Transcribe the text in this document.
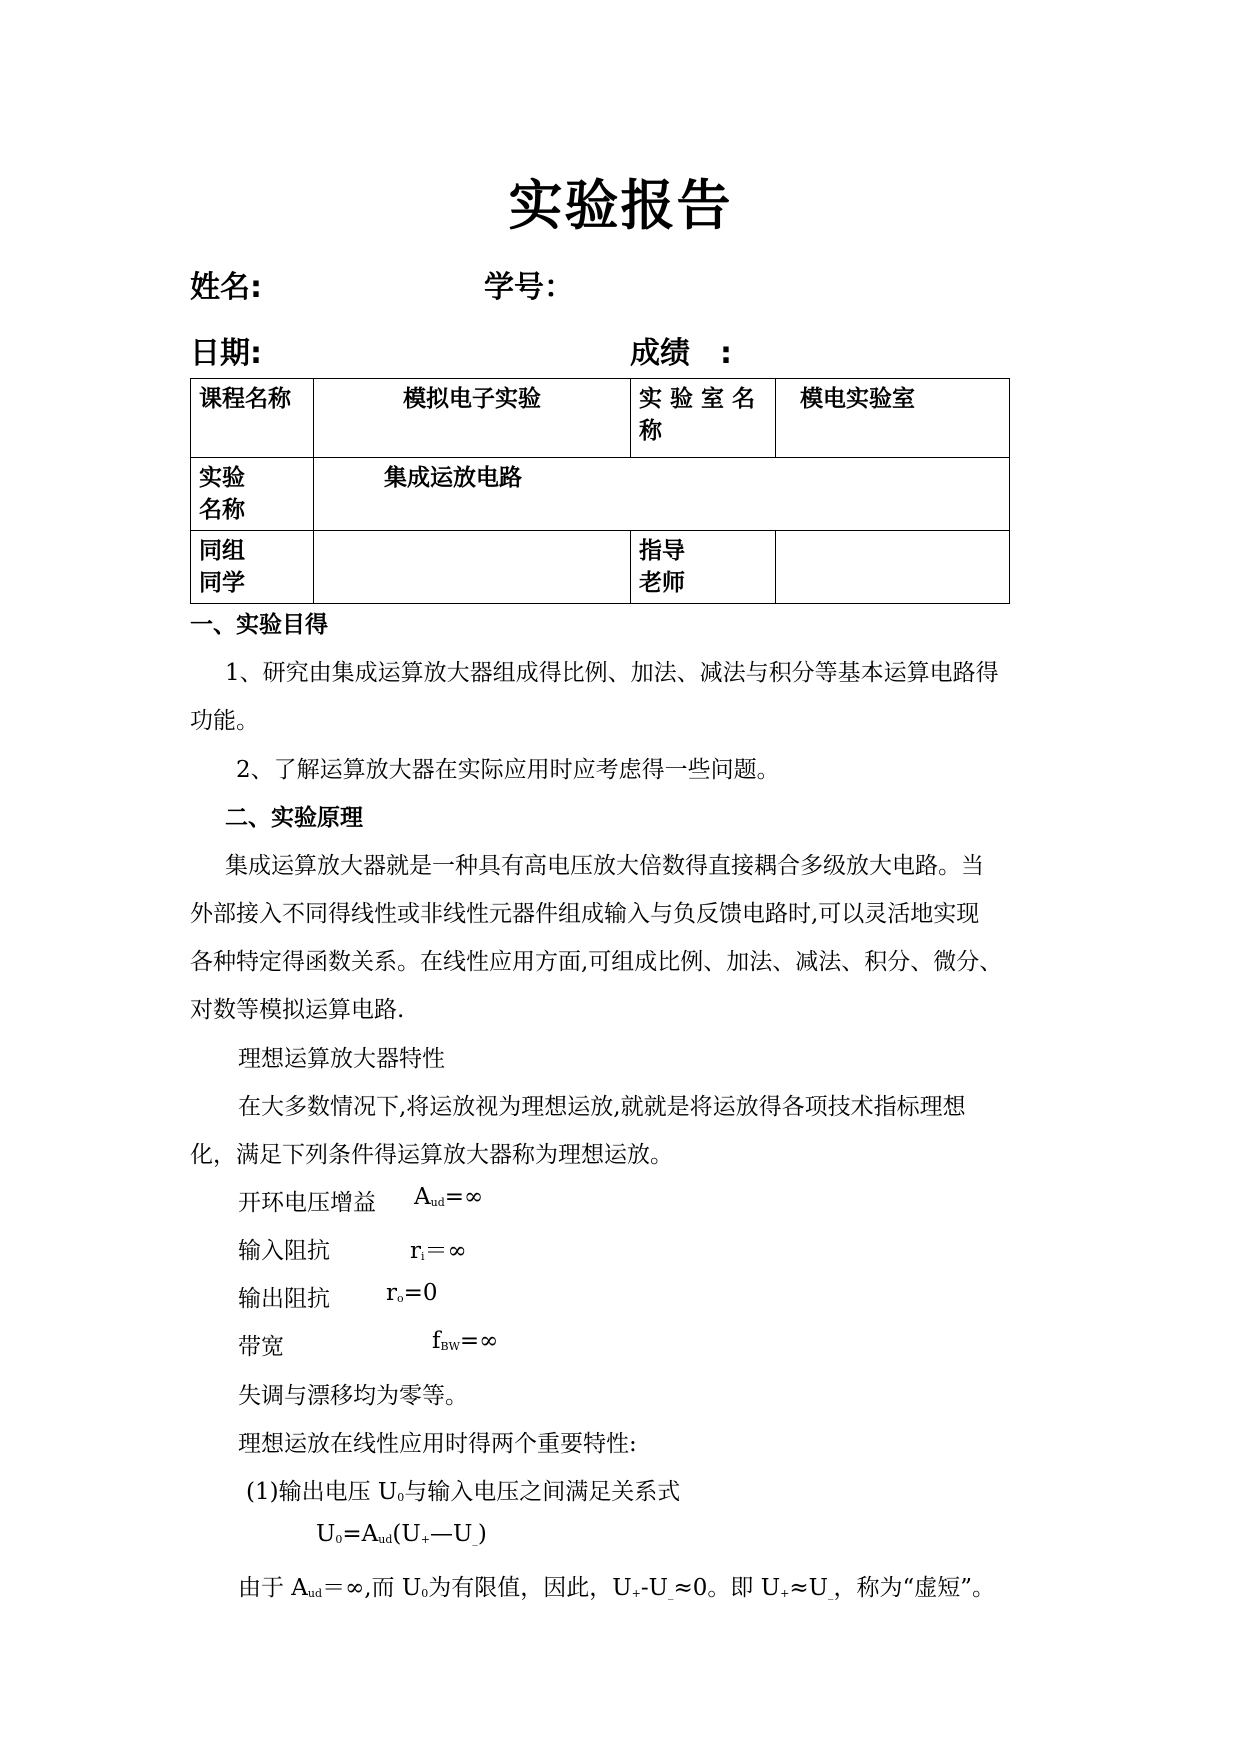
实验报告
姓名:	学号：
日期:	成绩　:
课程名称	模拟电子实验	实 验 室 名 称	模电实验室

实验名称	集成运放电路		

同组同学		指导老师	

一、实验目得
1、研究由集成运算放大器组成得比例、加法、减法与积分等基本运算电路得
功能。
2、了解运算放大器在实际应用时应考虑得一些问题。
二、实验原理
集成运算放大器就是一种具有高电压放大倍数得直接耦合多级放大电路。当
外部接入不同得线性或非线性元器件组成输入与负反馈电路时,可以灵活地实现
各种特定得函数关系。在线性应用方面,可组成比例、加法、减法、积分、微分、
对数等模拟运算电路.
理想运算放大器特性
在大多数情况下,将运放视为理想运放,就就是将运放得各项技术指标理想
化，满足下列条件得运算放大器称为理想运放。
开环电压增益 $A_{ud}=\infty$
输入阻抗	$r_i=\infty$
输出阻抗 $r_o=0$
带宽	$f_{BW}=\infty$
失调与漂移均为零等。
理想运放在线性应用时得两个重要特性:
(1)输出电压 $U_0$与输入电压之间满足关系式
$U_0=A_{ud}(U_+—U_{\_})$
由于 $A_{ud}=\infty$,而 $U_0$为有限值，因此，$U_+-U_{\_}\approx 0$。即 $U_+\approx U_{\_}$，称为“虚短”。
